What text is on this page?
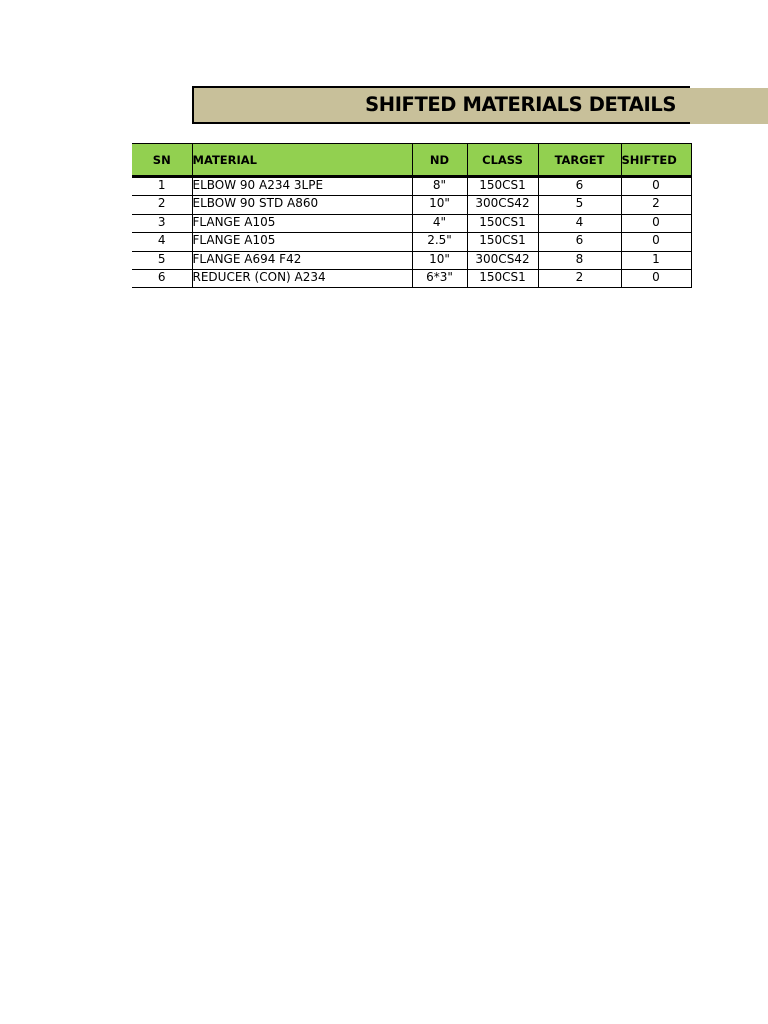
SHIFTED MATERIALS DETAILS
SN	MATERIAL	ND	CLASS	TARGET	SHIFTED
1	ELBOW 90 A234 3LPE	8"	150CS1	6	0
2	ELBOW 90 STD A860	10"	300CS42	5	2
3	FLANGE A105	4"	150CS1	4	0
4	FLANGE A105	2.5"	150CS1	6	0
5	FLANGE A694 F42	10"	300CS42	8	1
6	REDUCER (CON) A234	6*3"	150CS1	2	0
